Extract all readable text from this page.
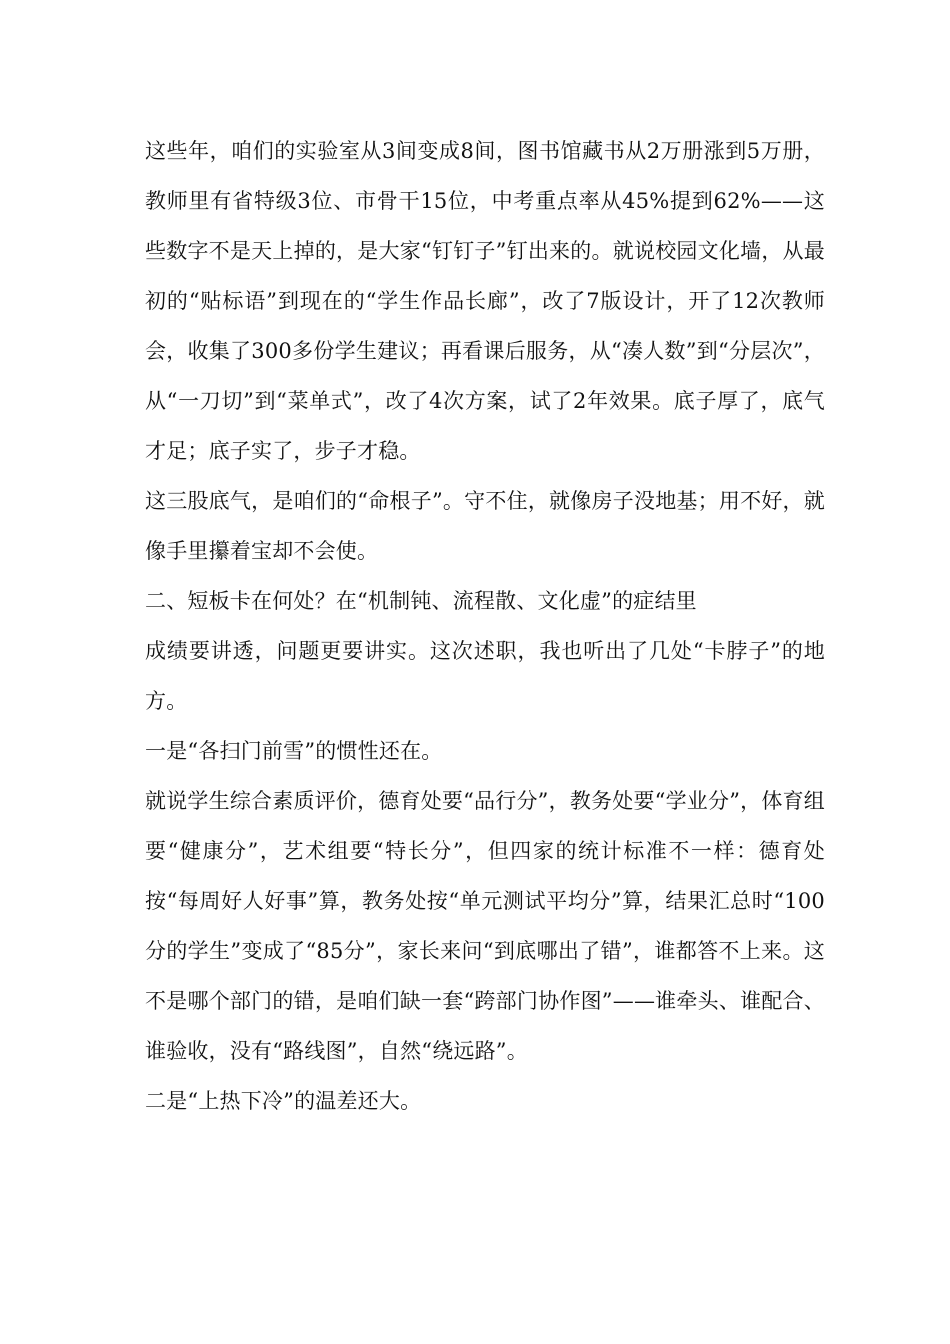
这些年，咱们的实验室从3间变成8间，图书馆藏书从2万册涨到5万册，教师里有省特级3位、市骨干15位，中考重点率从45%提到62%——这些数字不是天上掉的，是大家“钉钉子”钉出来的。就说校园文化墙，从最初的“贴标语”到现在的“学生作品长廊”，改了7版设计，开了12次教师会，收集了300多份学生建议；再看课后服务，从“凑人数”到“分层次”，从“一刀切”到“菜单式”，改了4次方案，试了2年效果。底子厚了，底气才足；底子实了，步子才稳。

这三股底气，是咱们的“命根子”。守不住，就像房子没地基；用不好，就像手里攥着宝却不会使。

二、短板卡在何处？在“机制钝、流程散、文化虚”的症结里

成绩要讲透，问题更要讲实。这次述职，我也听出了几处“卡脖子”的地方。

一是“各扫门前雪”的惯性还在。

就说学生综合素质评价，德育处要“品行分”，教务处要“学业分”，体育组要“健康分”，艺术组要“特长分”，但四家的统计标准不一样：德育处按“每周好人好事”算，教务处按“单元测试平均分”算，结果汇总时“100分的学生”变成了“85分”，家长来问“到底哪出了错”，谁都答不上来。这不是哪个部门的错，是咱们缺一套“跨部门协作图”——谁牵头、谁配合、谁验收，没有“路线图”，自然“绕远路”。

二是“上热下冷”的温差还大。
